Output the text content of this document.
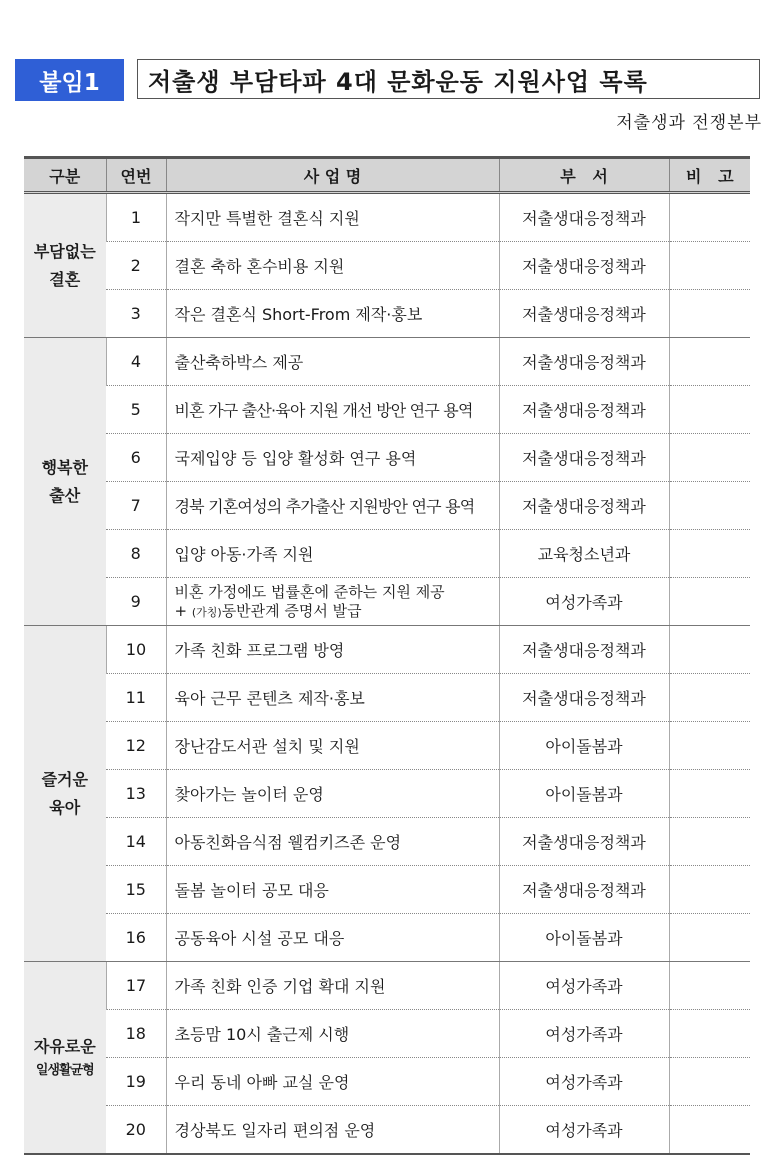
붙임1	저출생 부담타파 4대 문화운동 지원사업 목록
저출생과 전쟁본부
구분	연번	사 업 명	부   서	비   고

부담없는
결혼	1	작지만 특별한 결혼식 지원	저출생대응정책과	
	2	결혼 축하 혼수비용 지원	저출생대응정책과	
	3	작은 결혼식 Short-From 제작·홍보	저출생대응정책과	

행복한
출산	4	출산축하박스 제공	저출생대응정책과	
	5	비혼 가구 출산·육아 지원 개선 방안 연구 용역	저출생대응정책과	
	6	국제입양 등 입양 활성화 연구 용역	저출생대응정책과	
	7	경북 기혼여성의 추가출산 지원방안 연구 용역	저출생대응정책과	
	8	입양 아동·가족 지원	교육청소년과	
	9	비혼 가정에도 법률혼에 준하는 지원 제공
+ (가칭)동반관계 증명서 발급	여성가족과	

즐거운
육아	10	가족 친화 프로그램 방영	저출생대응정책과	
	11	육아 근무 콘텐츠 제작·홍보	저출생대응정책과	
	12	장난감도서관 설치 및 지원	아이돌봄과	
	13	찾아가는 놀이터 운영	아이돌봄과	
	14	아동친화음식점 웰컴키즈존 운영	저출생대응정책과	
	15	돌봄 놀이터 공모 대응	저출생대응정책과	
	16	공동육아 시설 공모 대응	아이돌봄과	

자유로운
일생활균형	17	가족 친화 인증 기업 확대 지원	여성가족과	
	18	초등맘 10시 출근제 시행	여성가족과	
	19	우리 동네 아빠 교실 운영	여성가족과	
	20	경상북도 일자리 편의점 운영	여성가족과	
